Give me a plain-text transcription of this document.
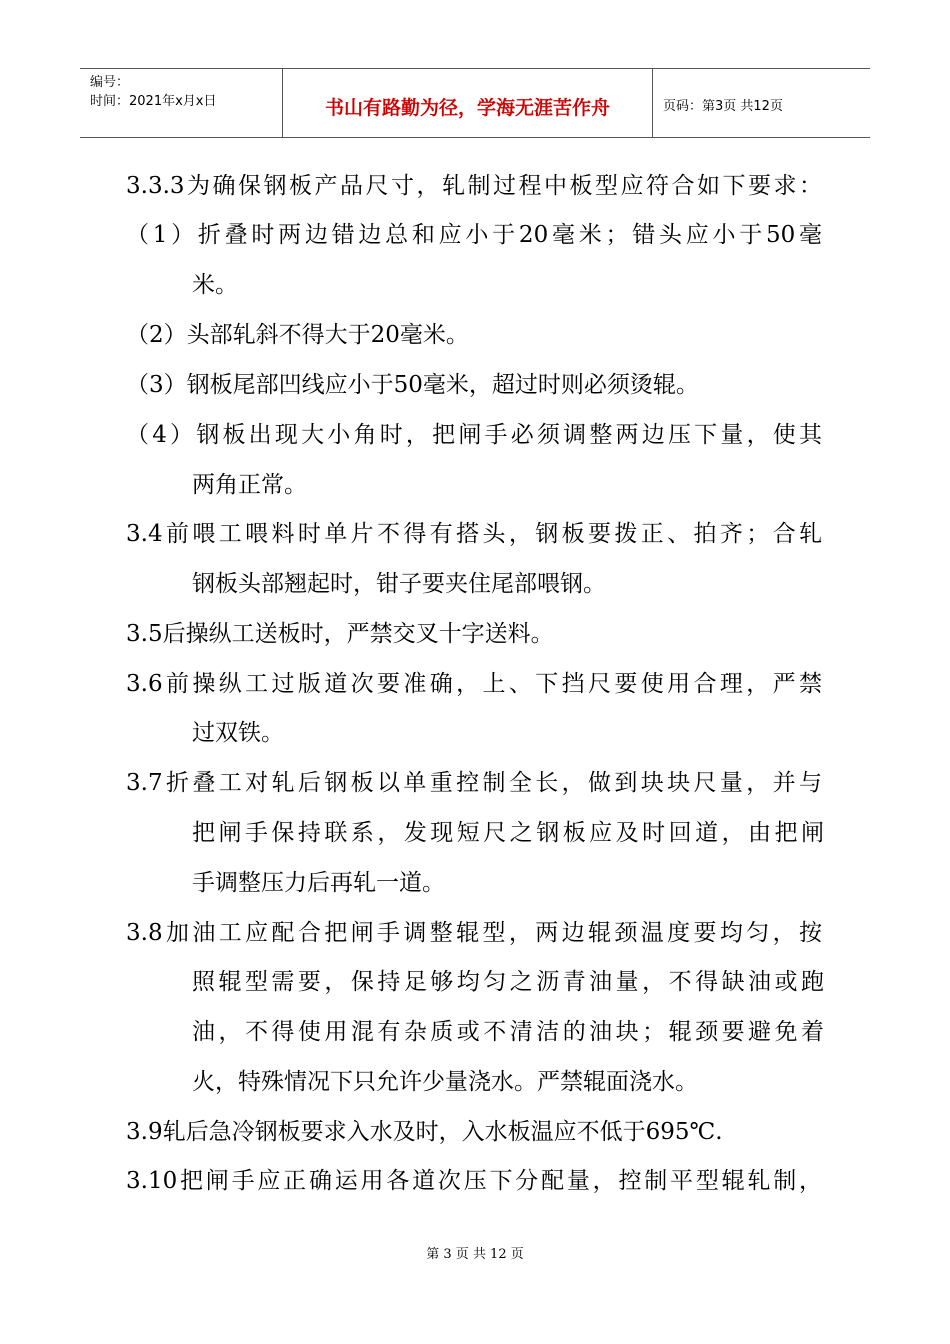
编号：
时间：2021年x月x日	书山有路勤为径，学海无涯苦作舟	页码：第3页 共12页
3.3.3为确保钢板产品尺寸，轧制过程中板型应符合如下要求：
（1）折叠时两边错边总和应小于20毫米；错头应小于50毫
米。
（2）头部轧斜不得大于20毫米。
（3）钢板尾部凹线应小于50毫米，超过时则必须烫辊。
（4）钢板出现大小角时，把闸手必须调整两边压下量，使其
两角正常。
3.4前喂工喂料时单片不得有搭头，钢板要拨正、拍齐；合轧
钢板头部翘起时，钳子要夹住尾部喂钢。
3.5后操纵工送板时，严禁交叉十字送料。
3.6前操纵工过版道次要准确，上、下挡尺要使用合理，严禁
过双铁。
3.7折叠工对轧后钢板以单重控制全长，做到块块尺量，并与
把闸手保持联系，发现短尺之钢板应及时回道，由把闸
手调整压力后再轧一道。
3.8加油工应配合把闸手调整辊型，两边辊颈温度要均匀，按
照辊型需要，保持足够均匀之沥青油量，不得缺油或跑
油，不得使用混有杂质或不清洁的油块；辊颈要避免着
火，特殊情况下只允许少量浇水。严禁辊面浇水。
3.9轧后急冷钢板要求入水及时，入水板温应不低于695℃.
3.10把闸手应正确运用各道次压下分配量，控制平型辊轧制，
第 3 页 共 12 页
